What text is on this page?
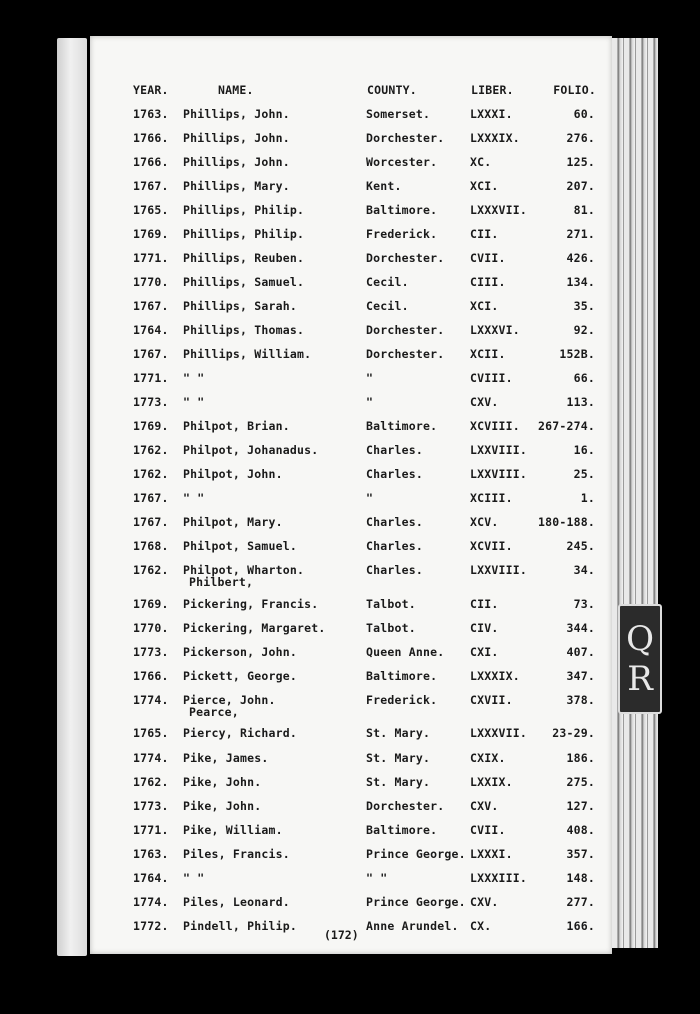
YEAR.	NAME.	COUNTY.	LIBER.	FOLIO.
1763. Phillips, John.	Somerset.	LXXXI.	60.
1766. Phillips, John.	Dorchester. LXXXIX.	276.
1766. Phillips, John.	Worcester.	XC.	125.
1767. Phillips, Mary.	Kent.	XCI.	207.
1765. Phillips, Philip.	Baltimore.	LXXXVII.	81.
1769. Phillips, Philip.	Frederick.	CII.	271.
1771. Phillips, Reuben.	Dorchester. CVII.	426.
1770. Phillips, Samuel.	Cecil.	CIII.	134.
1767. Phillips, Sarah.	Cecil.	XCI.	35.
1764. Phillips, Thomas.	Dorchester. LXXXVI.	92.
1767. Phillips, William.	Dorchester. XCII.	152B.
1771. " "	"	CVIII.	66.
1773. " "	"	CXV.	113.
1769. Philpot, Brian.	Baltimore.	XCVIII. 267-274.
1762. Philpot, Johanadus.	Charles.	LXXVIII.	16.
1762. Philpot, John.	Charles.	LXXVIII.	25.
1767. " "	"	XCIII.	1.
1767. Philpot, Mary.	Charles.	XCV.	180-188.
1768. Philpot, Samuel.	Charles.	XCVII.	245.
1762. Philpot, Wharton.	Charles.	LXXVIII.	34.
Philbert,
1769. Pickering, Francis.	Talbot.	CII.	73.
1770. Pickering, Margaret.	Talbot.	CIV.	344.
1773. Pickerson, John.	Queen Anne. CXI.	407.
1766. Pickett, George.	Baltimore.	LXXXIX.	347.
1774. Pierce, John.	Frederick.	CXVII.	378.
Pearce,
1765. Piercy, Richard.	St. Mary.	LXXXVII. 23-29.
1774. Pike, James.	St. Mary.	CXIX.	186.
1762. Pike, John.	St. Mary.	LXXIX.	275.
1773. Pike, John.	Dorchester. CXV.	127.
1771. Pike, William.	Baltimore.	CVII.	408.
1763. Piles, Francis.	Prince George. LXXXI.	357.
1764. " "	" "	LXXXIII.	148.
1774. Piles, Leonard.	Prince George. CXV.	277.
1772. Pindell, Philip.	Anne Arundel. CX.	166.
(172)
Q
R
